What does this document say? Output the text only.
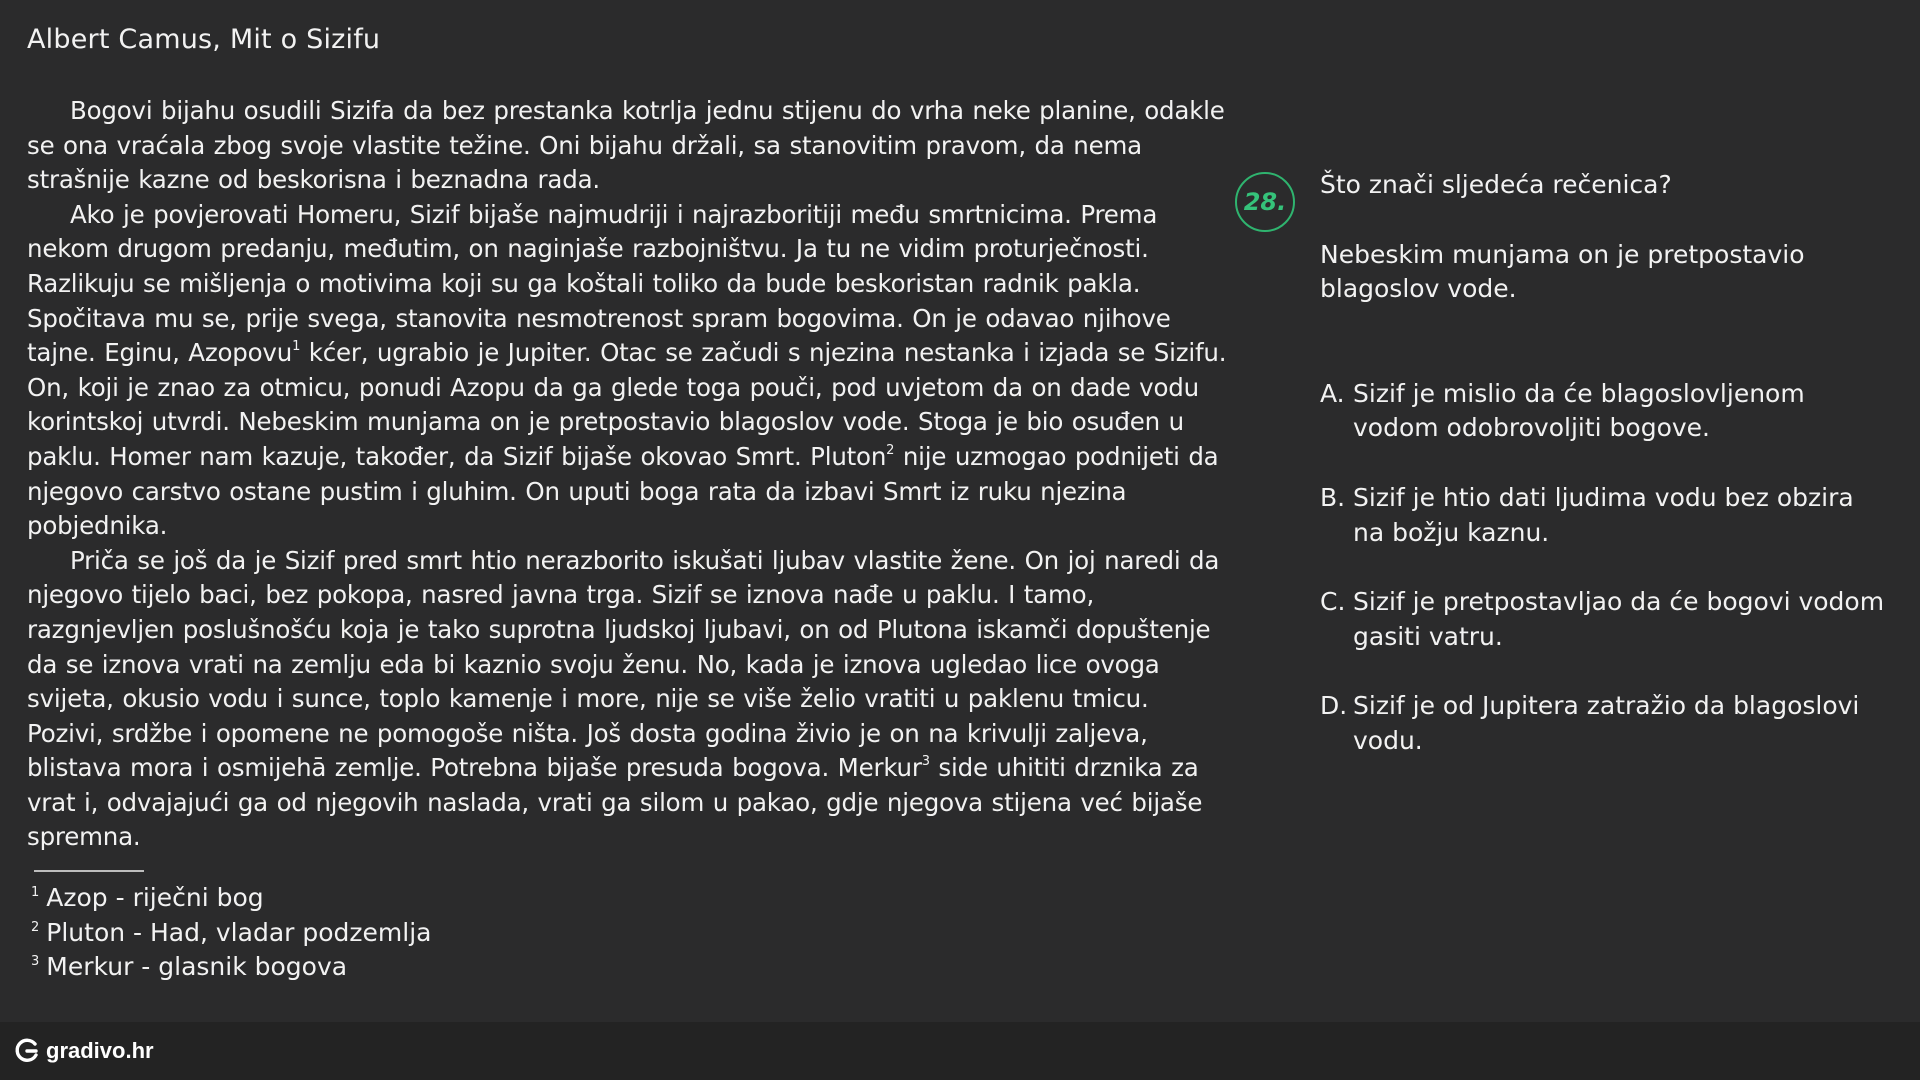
Albert Camus, Mit o Sizifu

Bogovi bijahu osudili Sizifa da bez prestanka kotrlja jednu stijenu do vrha neke planine, odakle se ona vraćala zbog svoje vlastite težine. Oni bijahu držali, sa stanovitim pravom, da nema strašnije kazne od beskorisna i beznadna rada.

Ako je povjerovati Homeru, Sizif bijaše najmudriji i najrazboritiji među smrtnicima. Prema nekom drugom predanju, međutim, on naginjaše razbojništvu. Ja tu ne vidim proturječnosti. Razlikuju se mišljenja o motivima koji su ga koštali toliko da bude beskoristan radnik pakla. Spočitava mu se, prije svega, stanovita nesmotrenost spram bogovima. On je odavao njihove tajne. Eginu, Azopovu$^1$ kćer, ugrabio je Jupiter. Otac se začudi s njezina nestanka i izjada se Sizifu. On, koji je znao za otmicu, ponudi Azopu da ga glede toga pouči, pod uvjetom da on dade vodu korintskoj utvrdi. Nebeskim munjama on je pretpostavio blagoslov vode. Stoga je bio osuđen u paklu. Homer nam kazuje, također, da Sizif bijaše okovao Smrt. Pluton$^2$ nije uzmogao podnijeti da njegovo carstvo ostane pustim i gluhim. On uputi boga rata da izbavi Smrt iz ruku njezina pobjednika.

Priča se još da je Sizif pred smrt htio nerazborito iskušati ljubav vlastite žene. On joj naredi da njegovo tijelo baci, bez pokopa, nasred javna trga. Sizif se iznova nađe u paklu. I tamo, razgnjevljen poslušnošću koja je tako suprotna ljudskoj ljubavi, on od Plutona iskamči dopuštenje da se iznova vrati na zemlju eda bi kaznio svoju ženu. No, kada je iznova ugledao lice ovoga svijeta, okusio vodu i sunce, toplo kamenje i more, nije se više želio vratiti u paklenu tmicu. Pozivi, srdžbe i opomene ne pomogoše ništa. Još dosta godina živio je on na krivulji zaljeva, blistava mora i osmijehā zemlje. Potrebna bijaše presuda bogova. Merkur$^3$ side uhititi drznika za vrat i, odvajajući ga od njegovih naslada, vrati ga silom u pakao, gdje njegova stijena već bijaše spremna.

$^1$ Azop - riječni bog
$^2$ Pluton - Had, vladar podzemlja
$^3$ Merkur - glasnik bogova
28.
Što znači sljedeća rečenica?
Nebeskim munjama on je pretpostavio blagoslov vode.
A. Sizif je mislio da će blagoslovljenom vodom odobrovoljiti bogove.
B. Sizif je htio dati ljudima vodu bez obzira na božju kaznu.
C. Sizif je pretpostavljao da će bogovi vodom gasiti vatru.
D. Sizif je od Jupitera zatražio da blagoslovi vodu.
gradivo.hr
